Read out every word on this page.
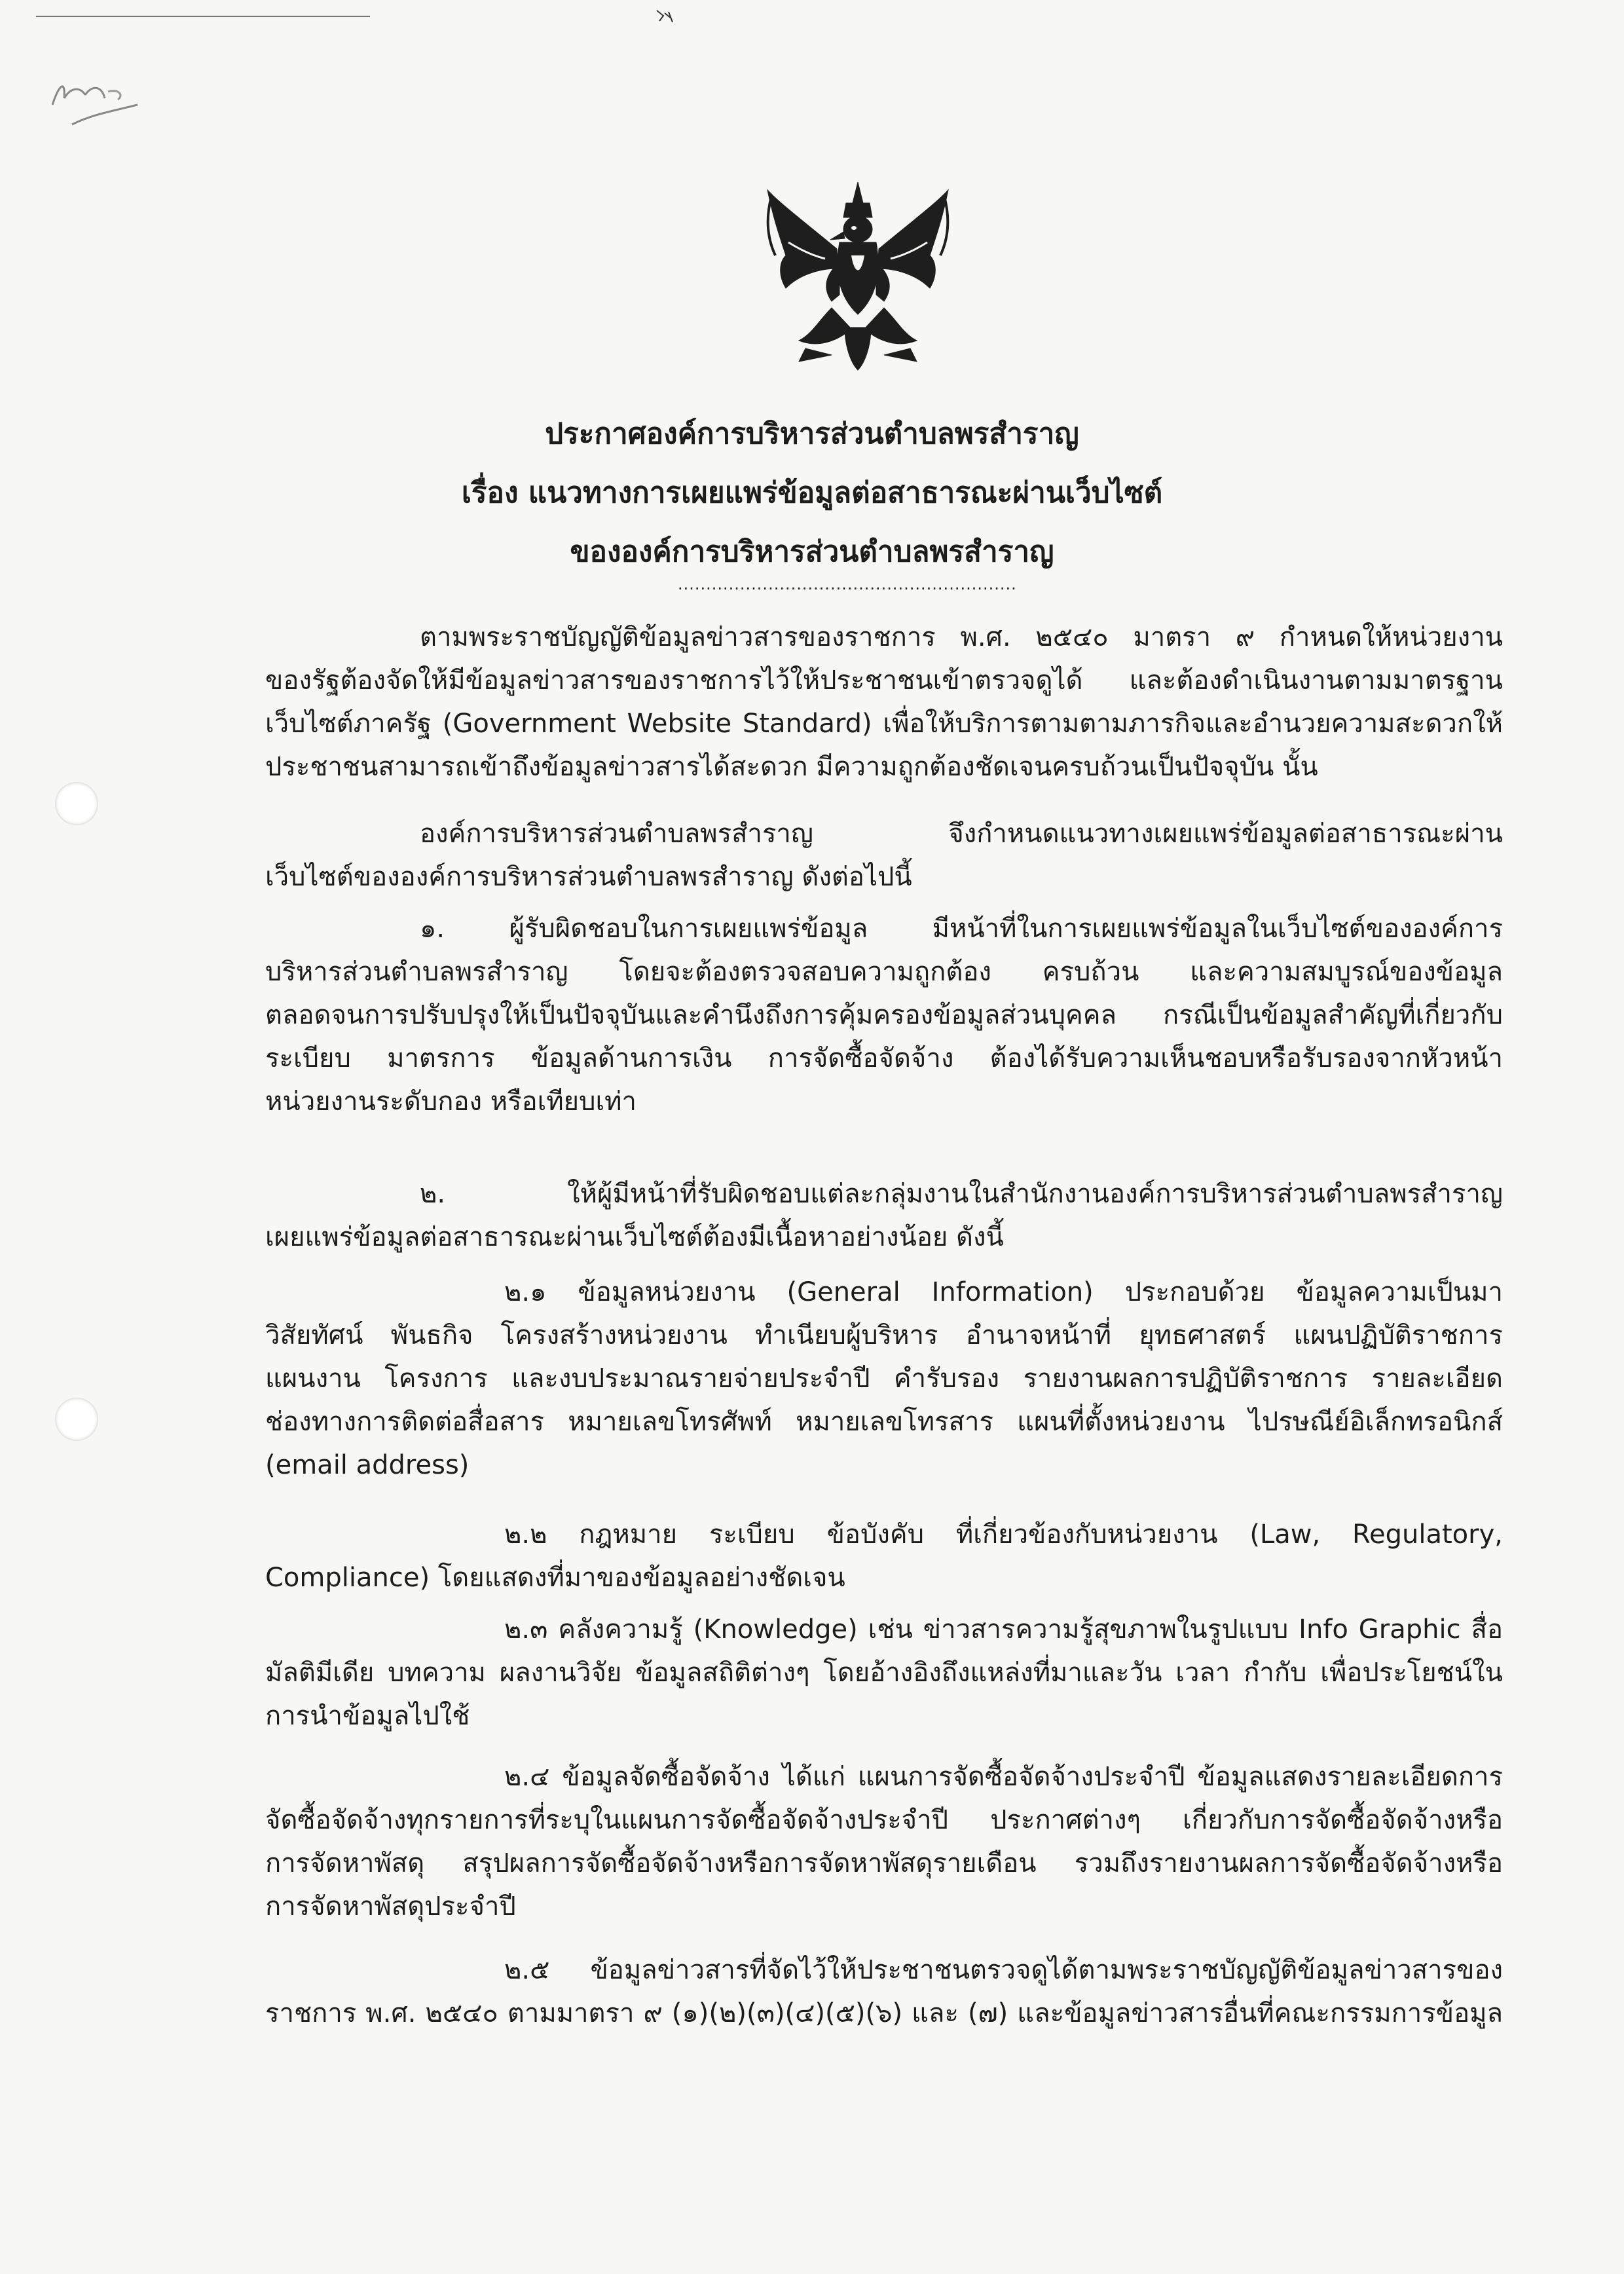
ประกาศองค์การบริหารส่วนตำบลพรสำราญ
เรื่อง แนวทางการเผยแพร่ข้อมูลต่อสาธารณะผ่านเว็บไซต์
ขององค์การบริหารส่วนตำบลพรสำราญ
............................................................
ตามพระราชบัญญัติข้อมูลข่าวสารของราชการ พ.ศ. ๒๕๔๐ มาตรา ๙ กำหนดให้หน่วยงาน
ของรัฐต้องจัดให้มีข้อมูลข่าวสารของราชการไว้ให้ประชาชนเข้าตรวจดูได้ และต้องดำเนินงานตามมาตรฐาน
เว็บไซต์ภาครัฐ (Government Website Standard) เพื่อให้บริการตามตามภารกิจและอำนวยความสะดวกให้
ประชาชนสามารถเข้าถึงข้อมูลข่าวสารได้สะดวก มีความถูกต้องชัดเจนครบถ้วนเป็นปัจจุบัน นั้น
องค์การบริหารส่วนตำบลพรสำราญ จึงกำหนดแนวทางเผยแพร่ข้อมูลต่อสาธารณะผ่าน
เว็บไซต์ขององค์การบริหารส่วนตำบลพรสำราญ ดังต่อไปนี้
๑. ผู้รับผิดชอบในการเผยแพร่ข้อมูล มีหน้าที่ในการเผยแพร่ข้อมูลในเว็บไซต์ขององค์การ
บริหารส่วนตำบลพรสำราญ โดยจะต้องตรวจสอบความถูกต้อง ครบถ้วน และความสมบูรณ์ของข้อมูล
ตลอดจนการปรับปรุงให้เป็นปัจจุบันและคำนึงถึงการคุ้มครองข้อมูลส่วนบุคคล กรณีเป็นข้อมูลสำคัญที่เกี่ยวกับ
ระเบียบ มาตรการ ข้อมูลด้านการเงิน การจัดซื้อจัดจ้าง ต้องได้รับความเห็นชอบหรือรับรองจากหัวหน้า
หน่วยงานระดับกอง หรือเทียบเท่า
๒. ให้ผู้มีหน้าที่รับผิดชอบแต่ละกลุ่มงานในสำนักงานองค์การบริหารส่วนตำบลพรสำราญ
เผยแพร่ข้อมูลต่อสาธารณะผ่านเว็บไซต์ต้องมีเนื้อหาอย่างน้อย ดังนี้
๒.๑ ข้อมูลหน่วยงาน (General Information) ประกอบด้วย ข้อมูลความเป็นมา
วิสัยทัศน์ พันธกิจ โครงสร้างหน่วยงาน ทำเนียบผู้บริหาร อำนาจหน้าที่ ยุทธศาสตร์ แผนปฏิบัติราชการ
แผนงาน โครงการ และงบประมาณรายจ่ายประจำปี คำรับรอง รายงานผลการปฏิบัติราชการ รายละเอียด
ช่องทางการติดต่อสื่อสาร หมายเลขโทรศัพท์ หมายเลขโทรสาร แผนที่ตั้งหน่วยงาน ไปรษณีย์อิเล็กทรอนิกส์
(email address)
๒.๒ กฎหมาย ระเบียบ ข้อบังคับ ที่เกี่ยวข้องกับหน่วยงาน (Law, Regulatory,
Compliance) โดยแสดงที่มาของข้อมูลอย่างชัดเจน
๒.๓ คลังความรู้ (Knowledge) เช่น ข่าวสารความรู้สุขภาพในรูปแบบ Info Graphic สื่อ
มัลติมีเดีย บทความ ผลงานวิจัย ข้อมูลสถิติต่างๆ โดยอ้างอิงถึงแหล่งที่มาและวัน เวลา กำกับ เพื่อประโยชน์ใน
การนำข้อมูลไปใช้
๒.๔ ข้อมูลจัดซื้อจัดจ้าง ได้แก่ แผนการจัดซื้อจัดจ้างประจำปี ข้อมูลแสดงรายละเอียดการ
จัดซื้อจัดจ้างทุกรายการที่ระบุในแผนการจัดซื้อจัดจ้างประจำปี ประกาศต่างๆ เกี่ยวกับการจัดซื้อจัดจ้างหรือ
การจัดหาพัสดุ สรุปผลการจัดซื้อจัดจ้างหรือการจัดหาพัสดุรายเดือน รวมถึงรายงานผลการจัดซื้อจัดจ้างหรือ
การจัดหาพัสดุประจำปี
๒.๕ ข้อมูลข่าวสารที่จัดไว้ให้ประชาชนตรวจดูได้ตามพระราชบัญญัติข้อมูลข่าวสารของ
ราชการ พ.ศ. ๒๕๔๐ ตามมาตรา ๙ (๑)(๒)(๓)(๔)(๕)(๖) และ (๗) และข้อมูลข่าวสารอื่นที่คณะกรรมการข้อมูล
